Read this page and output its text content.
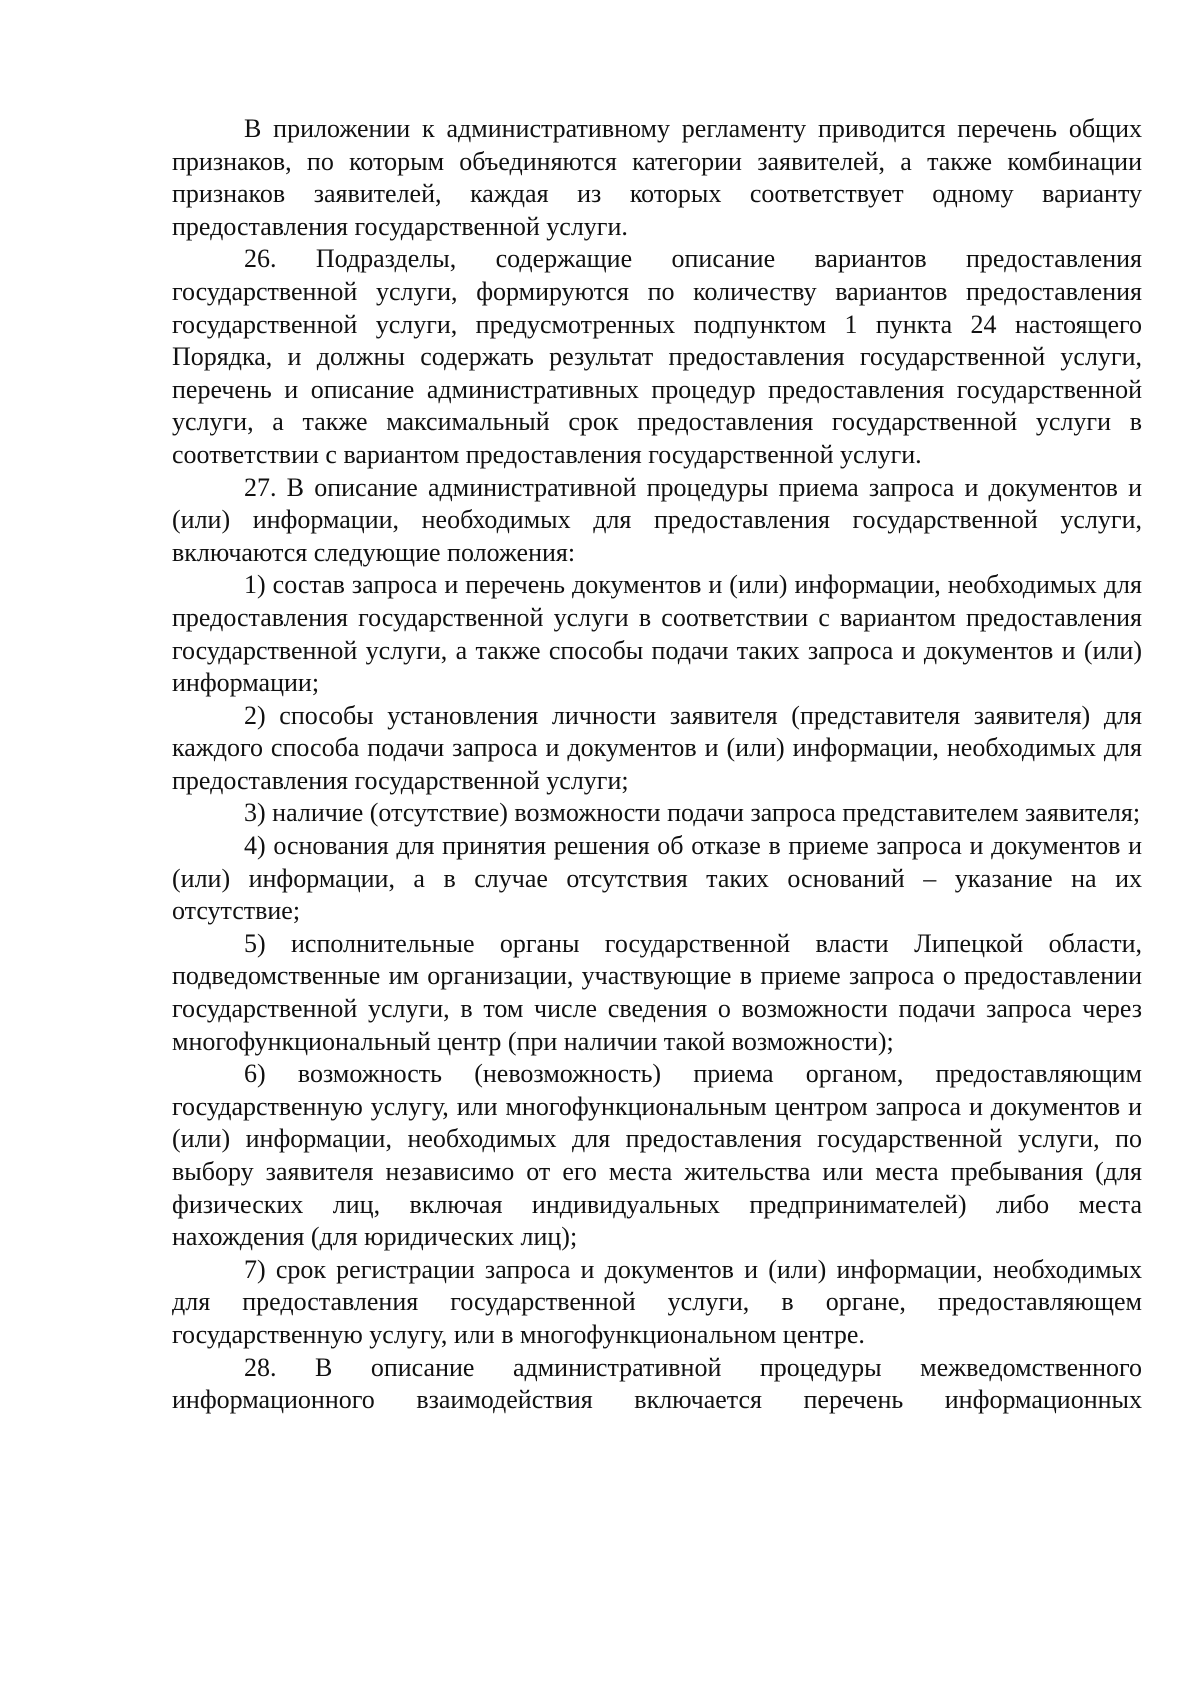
В приложении к административному регламенту приводится перечень общих признаков, по которым объединяются категории заявителей, а также комбинации признаков заявителей, каждая из которых соответствует одному варианту предоставления государственной услуги.

26. Подразделы, содержащие описание вариантов предоставления государственной услуги, формируются по количеству вариантов предоставления государственной услуги, предусмотренных подпунктом 1 пункта 24 настоящего Порядка, и должны содержать результат предоставления государственной услуги, перечень и описание административных процедур предоставления государственной услуги, а также максимальный срок предоставления государственной услуги в соответствии с вариантом предоставления государственной услуги.

27. В описание административной процедуры приема запроса и документов и (или) информации, необходимых для предоставления государственной услуги, включаются следующие положения:

1) состав запроса и перечень документов и (или) информации, необходимых для предоставления государственной услуги в соответствии с вариантом предоставления государственной услуги, а также способы подачи таких запроса и документов и (или) информации;

2) способы установления личности заявителя (представителя заявителя) для каждого способа подачи запроса и документов и (или) информации, необходимых для предоставления государственной услуги;

3) наличие (отсутствие) возможности подачи запроса представителем заявителя;

4) основания для принятия решения об отказе в приеме запроса и документов и (или) информации, а в случае отсутствия таких оснований – указание на их отсутствие;

5) исполнительные органы государственной власти Липецкой области, подведомственные им организации, участвующие в приеме запроса о предоставлении государственной услуги, в том числе сведения о возможности подачи запроса через многофункциональный центр (при наличии такой возможности);

6) возможность (невозможность) приема органом, предоставляющим государственную услугу, или многофункциональным центром запроса и документов и (или) информации, необходимых для предоставления государственной услуги, по выбору заявителя независимо от его места жительства или места пребывания (для физических лиц, включая индивидуальных предпринимателей) либо места нахождения (для юридических лиц);

7) срок регистрации запроса и документов и (или) информации, необходимых для предоставления государственной услуги, в органе, предоставляющем государственную услугу, или в многофункциональном центре.

28. В описание административной процедуры межведомственного информационного взаимодействия включается перечень информационных
